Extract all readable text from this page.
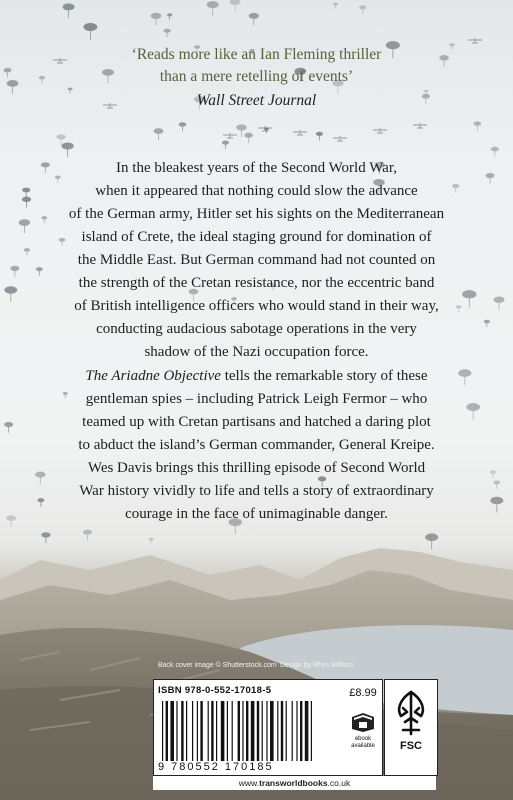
‘Reads more like an Ian Fleming thriller
than a mere retelling of events’
Wall Street Journal
In the bleakest years of the Second World War,
when it appeared that nothing could slow the advance
of the German army, Hitler set his sights on the Mediterranean
island of Crete, the ideal staging ground for domination of
the Middle East. But German command had not counted on
the strength of the Cretan resistance, nor the eccentric band
of British intelligence officers who would stand in their way,
conducting audacious sabotage operations in the very
shadow of the Nazi occupation force.
The Ariadne Objective tells the remarkable story of these
gentleman spies – including Patrick Leigh Fermor – who
teamed up with Cretan partisans and hatched a daring plot
to abduct the island’s German commander, General Kreipe.
Wes Davis brings this thrilling episode of Second World
War history vividly to life and tells a story of extraordinary
courage in the face of unimaginable danger.
Back cover image © Shutterstock.com Design by Rhys Willson
ISBN 978-0-552-17018-5
9 780552 170185
£8.99
ebook available	FSC
www.transworldbooks.co.uk
